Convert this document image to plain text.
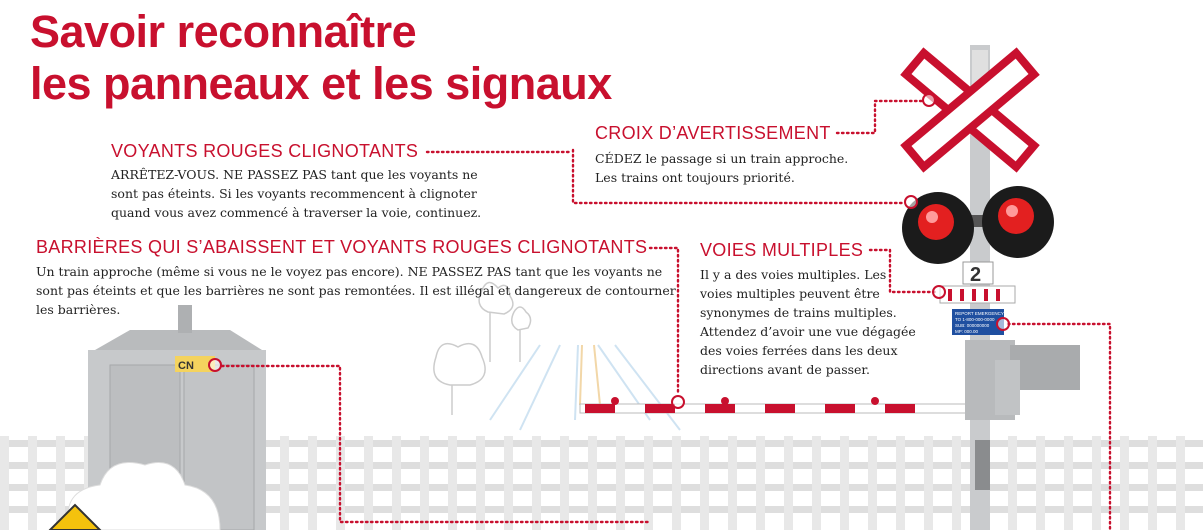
CN
2
REPORT EMERGENCY
TO 1-800-000-0000
SUB: 000000000
MP: 000.00
Savoir reconnaître
les panneaux et les signaux
VOYANTS ROUGES CLIGNOTANTS
ARRÊTEZ-VOUS. NE PASSEZ PAS tant que les voyants ne
sont pas éteints. Si les voyants recommencent à clignoter
quand vous avez commencé à traverser la voie, continuez.
BARRIÈRES QUI S’ABAISSENT ET VOYANTS ROUGES CLIGNOTANTS
Un train approche (même si vous ne le voyez pas encore). NE PASSEZ PAS tant que les voyants ne
sont pas éteints et que les barrières ne sont pas remontées. Il est illégal et dangereux de contourner
les barrières.
CROIX D’AVERTISSEMENT
CÉDEZ le passage si un train approche.
Les trains ont toujours priorité.
VOIES MULTIPLES
Il y a des voies multiples. Les
voies multiples peuvent être
synonymes de trains multiples.
Attendez d’avoir une vue dégagée
des voies ferrées dans les deux
directions avant de passer.
